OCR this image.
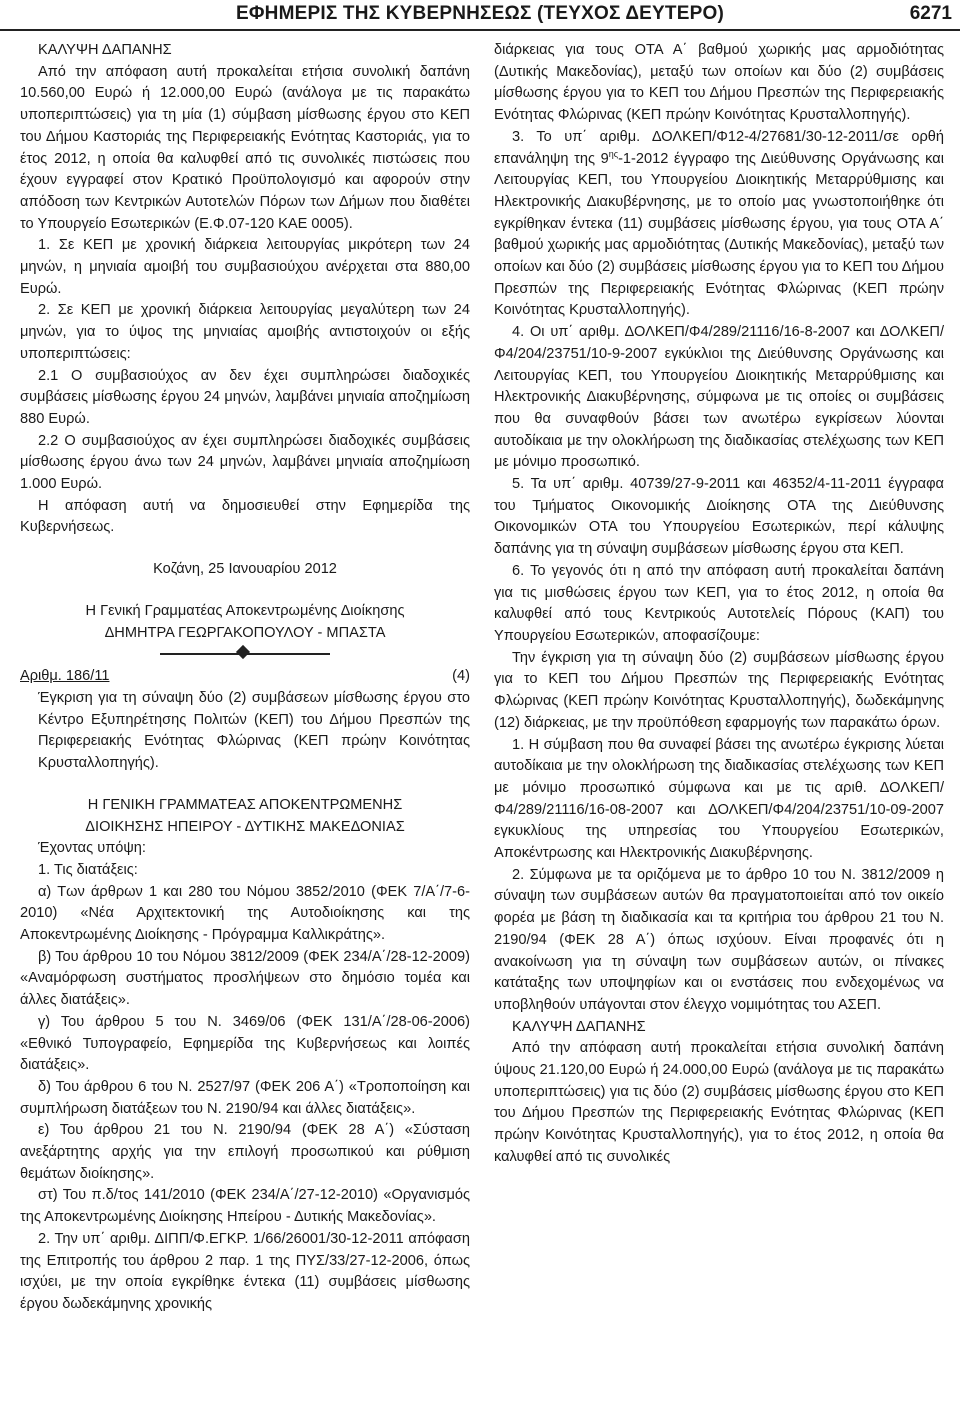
ΕΦΗΜΕΡΙΣ ΤΗΣ ΚΥΒΕΡΝΗΣΕΩΣ (ΤΕΥΧΟΣ ΔΕΥΤΕΡΟ)	6271

ΚΑΛΥΨΗ ΔΑΠΑΝΗΣ

Από την απόφαση αυτή προκαλείται ετήσια συνολική δαπάνη 10.560,00 Ευρώ ή 12.000,00 Ευρώ (ανάλογα με τις παρακάτω υποπεριπτώσεις) για τη μία (1) σύμβαση μίσθωσης έργου στο ΚΕΠ του Δήμου Καστοριάς της Περιφερειακής Ενότητας Καστοριάς, για το έτος 2012, η οποία θα καλυφθεί από τις συνολικές πιστώσεις που έχουν εγγραφεί στον Κρατικό Προϋπολογισμό και αφορούν στην απόδοση των Κεντρικών Αυτοτελών Πόρων των Δήμων που διαθέτει το Υπουργείο Εσωτερικών (Ε.Φ.07-120 ΚΑΕ 0005).

1. Σε ΚΕΠ με χρονική διάρκεια λειτουργίας μικρότερη των 24 μηνών, η μηνιαία αμοιβή του συμβασιούχου ανέρχεται στα 880,00 Ευρώ.

2. Σε ΚΕΠ με χρονική διάρκεια λειτουργίας μεγαλύτερη των 24 μηνών, για το ύψος της μηνιαίας αμοιβής αντιστοιχούν οι εξής υποπεριπτώσεις:

2.1 Ο συμβασιούχος αν δεν έχει συμπληρώσει διαδοχικές συμβάσεις μίσθωσης έργου 24 μηνών, λαμβάνει μηνιαία αποζημίωση 880 Ευρώ.

2.2 Ο συμβασιούχος αν έχει συμπληρώσει διαδοχικές συμβάσεις μίσθωσης έργου άνω των 24 μηνών, λαμβάνει μηνιαία αποζημίωση 1.000 Ευρώ.

Η απόφαση αυτή να δημοσιευθεί στην Εφημερίδα της Κυβερνήσεως.

Κοζάνη, 25 Ιανουαρίου 2012

Η Γενική Γραμματέας Αποκεντρωμένης Διοίκησης

ΔΗΜΗΤΡΑ ΓΕΩΡΓΑΚΟΠΟΥΛΟΥ - ΜΠΑΣΤΑ

Αριθμ. 186/11	(4)

Έγκριση για τη σύναψη δύο (2) συμβάσεων μίσθωσης έργου στο Κέντρο Εξυπηρέτησης Πολιτών (ΚΕΠ) του Δήμου Πρεσπών της Περιφερειακής Ενότητας Φλώρινας (ΚΕΠ πρώην Κοινότητας Κρυσταλλοπηγής).

Η ΓΕΝΙΚΗ ΓΡΑΜΜΑΤΕΑΣ ΑΠΟΚΕΝΤΡΩΜΕΝΗΣ

ΔΙΟΙΚΗΣΗΣ ΗΠΕΙΡΟΥ - ΔΥΤΙΚΗΣ ΜΑΚΕΔΟΝΙΑΣ

Έχοντας υπόψη:

1. Τις διατάξεις:

α) Των άρθρων 1 και 280 του Νόμου 3852/2010 (ΦΕΚ 7/Α΄/7-6-2010) «Νέα Αρχιτεκτονική της Αυτοδιοίκησης και της Αποκεντρωμένης Διοίκησης - Πρόγραμμα Καλλικράτης».

β) Του άρθρου 10 του Νόμου 3812/2009 (ΦΕΚ 234/Α΄/28-12-2009) «Αναμόρφωση συστήματος προσλήψεων στο δημόσιο τομέα και άλλες διατάξεις».

γ) Του άρθρου 5 του Ν. 3469/06 (ΦΕΚ 131/Α΄/28-06-2006) «Εθνικό Τυπογραφείο, Εφημερίδα της Κυβερνήσεως και λοιπές διατάξεις».

δ) Του άρθρου 6 του Ν. 2527/97 (ΦΕΚ 206 Α΄) «Τροποποίηση και συμπλήρωση διατάξεων του Ν. 2190/94 και άλλες διατάξεις».

ε) Του άρθρου 21 του Ν. 2190/94 (ΦΕΚ 28 Α΄) «Σύσταση ανεξάρτητης αρχής για την επιλογή προσωπικού και ρύθμιση θεμάτων διοίκησης».

στ) Του π.δ/τος 141/2010 (ΦΕΚ 234/Α΄/27-12-2010) «Οργανισμός της Αποκεντρωμένης Διοίκησης Ηπείρου - Δυτικής Μακεδονίας».

2. Την υπ΄ αριθμ. ΔΙΠΠ/Φ.ΕΓΚΡ. 1/66/26001/30-12-2011 απόφαση της Επιτροπής του άρθρου 2 παρ. 1 της ΠΥΣ/33/27-12-2006, όπως ισχύει, με την οποία εγκρίθηκε έντεκα (11) συμβάσεις μίσθωσης έργου δωδεκάμηνης χρονικής

διάρκειας για τους ΟΤΑ Α΄ βαθμού χωρικής μας αρμοδιότητας (Δυτικής Μακεδονίας), μεταξύ των οποίων και δύο (2) συμβάσεις μίσθωσης έργου για το ΚΕΠ του Δήμου Πρεσπών της Περιφερειακής Ενότητας Φλώρινας (ΚΕΠ πρώην Κοινότητας Κρυσταλλοπηγής).

3. Το υπ΄ αριθμ. ΔΟΛΚΕΠ/Φ12-4/27681/30-12-2011/σε ορθή επανάληψη της $9^{\eta\varsigma}-1-2012$ έγγραφο της Διεύθυνσης Οργάνωσης και Λειτουργίας ΚΕΠ, του Υπουργείου Διοικητικής Μεταρρύθμισης και Ηλεκτρονικής Διακυβέρνησης, με το οποίο μας γνωστοποιήθηκε ότι εγκρίθηκαν έντεκα (11) συμβάσεις μίσθωσης έργου, για τους ΟΤΑ Α΄ βαθμού χωρικής μας αρμοδιότητας (Δυτικής Μακεδονίας), μεταξύ των οποίων και δύο (2) συμβάσεις μίσθωσης έργου για το ΚΕΠ του Δήμου Πρεσπών της Περιφερειακής Ενότητας Φλώρινας (ΚΕΠ πρώην Κοινότητας Κρυσταλλοπηγής).

4. Οι υπ΄ αριθμ. ΔΟΛΚΕΠ/Φ4/289/21116/16-8-2007 και ΔΟΛΚΕΠ/Φ4/204/23751/10-9-2007 εγκύκλιοι της Διεύθυνσης Οργάνωσης και Λειτουργίας ΚΕΠ, του Υπουργείου Διοικητικής Μεταρρύθμισης και Ηλεκτρονικής Διακυβέρνησης, σύμφωνα με τις οποίες οι συμβάσεις που θα συναφθούν βάσει των ανωτέρω εγκρίσεων λύονται αυτοδίκαια με την ολοκλήρωση της διαδικασίας στελέχωσης των ΚΕΠ με μόνιμο προσωπικό.

5. Τα υπ΄ αριθμ. 40739/27-9-2011 και 46352/4-11-2011 έγγραφα του Τμήματος Οικονομικής Διοίκησης ΟΤΑ της Διεύθυνσης Οικονομικών ΟΤΑ του Υπουργείου Εσωτερικών, περί κάλυψης δαπάνης για τη σύναψη συμβάσεων μίσθωσης έργου στα ΚΕΠ.

6. Το γεγονός ότι η από την απόφαση αυτή προκαλείται δαπάνη για τις μισθώσεις έργου των ΚΕΠ, για το έτος 2012, η οποία θα καλυφθεί από τους Κεντρικούς Αυτοτελείς Πόρους (ΚΑΠ) του Υπουργείου Εσωτερικών, αποφασίζουμε:

Την έγκριση για τη σύναψη δύο (2) συμβάσεων μίσθωσης έργου για το ΚΕΠ του Δήμου Πρεσπών της Περιφερειακής Ενότητας Φλώρινας (ΚΕΠ πρώην Κοινότητας Κρυσταλλοπηγής), δωδεκάμηνης (12) διάρκειας, με την προϋπόθεση εφαρμογής των παρακάτω όρων.

1. Η σύμβαση που θα συναφεί βάσει της ανωτέρω έγκρισης λύεται αυτοδίκαια με την ολοκλήρωση της διαδικασίας στελέχωσης των ΚΕΠ με μόνιμο προσωπικό σύμφωνα και με τις αριθ. ΔΟΛΚΕΠ/Φ4/289/21116/16-08-2007 και ΔΟΛΚΕΠ/Φ4/204/23751/10-09-2007 εγκυκλίους της υπηρεσίας του Υπουργείου Εσωτερικών, Αποκέντρωσης και Ηλεκτρονικής Διακυβέρνησης.

2. Σύμφωνα με τα οριζόμενα με το άρθρο 10 του Ν. 3812/2009 η σύναψη των συμβάσεων αυτών θα πραγματοποιείται από τον οικείο φορέα με βάση τη διαδικασία και τα κριτήρια του άρθρου 21 του Ν. 2190/94 (ΦΕΚ 28 Α΄) όπως ισχύουν. Είναι προφανές ότι η ανακοίνωση για τη σύναψη των συμβάσεων αυτών, οι πίνακες κατάταξης των υποψηφίων και οι ενστάσεις που ενδεχομένως να υποβληθούν υπάγονται στον έλεγχο νομιμότητας του ΑΣΕΠ.

ΚΑΛΥΨΗ ΔΑΠΑΝΗΣ

Από την απόφαση αυτή προκαλείται ετήσια συνολική δαπάνη ύψους 21.120,00 Ευρώ ή 24.000,00 Ευρώ (ανάλογα με τις παρακάτω υποπεριπτώσεις) για τις δύο (2) συμβάσεις μίσθωσης έργου στο ΚΕΠ του Δήμου Πρεσπών της Περιφερειακής Ενότητας Φλώρινας (ΚΕΠ πρώην Κοινότητας Κρυσταλλοπηγής), για το έτος 2012, η οποία θα καλυφθεί από τις συνολικές
